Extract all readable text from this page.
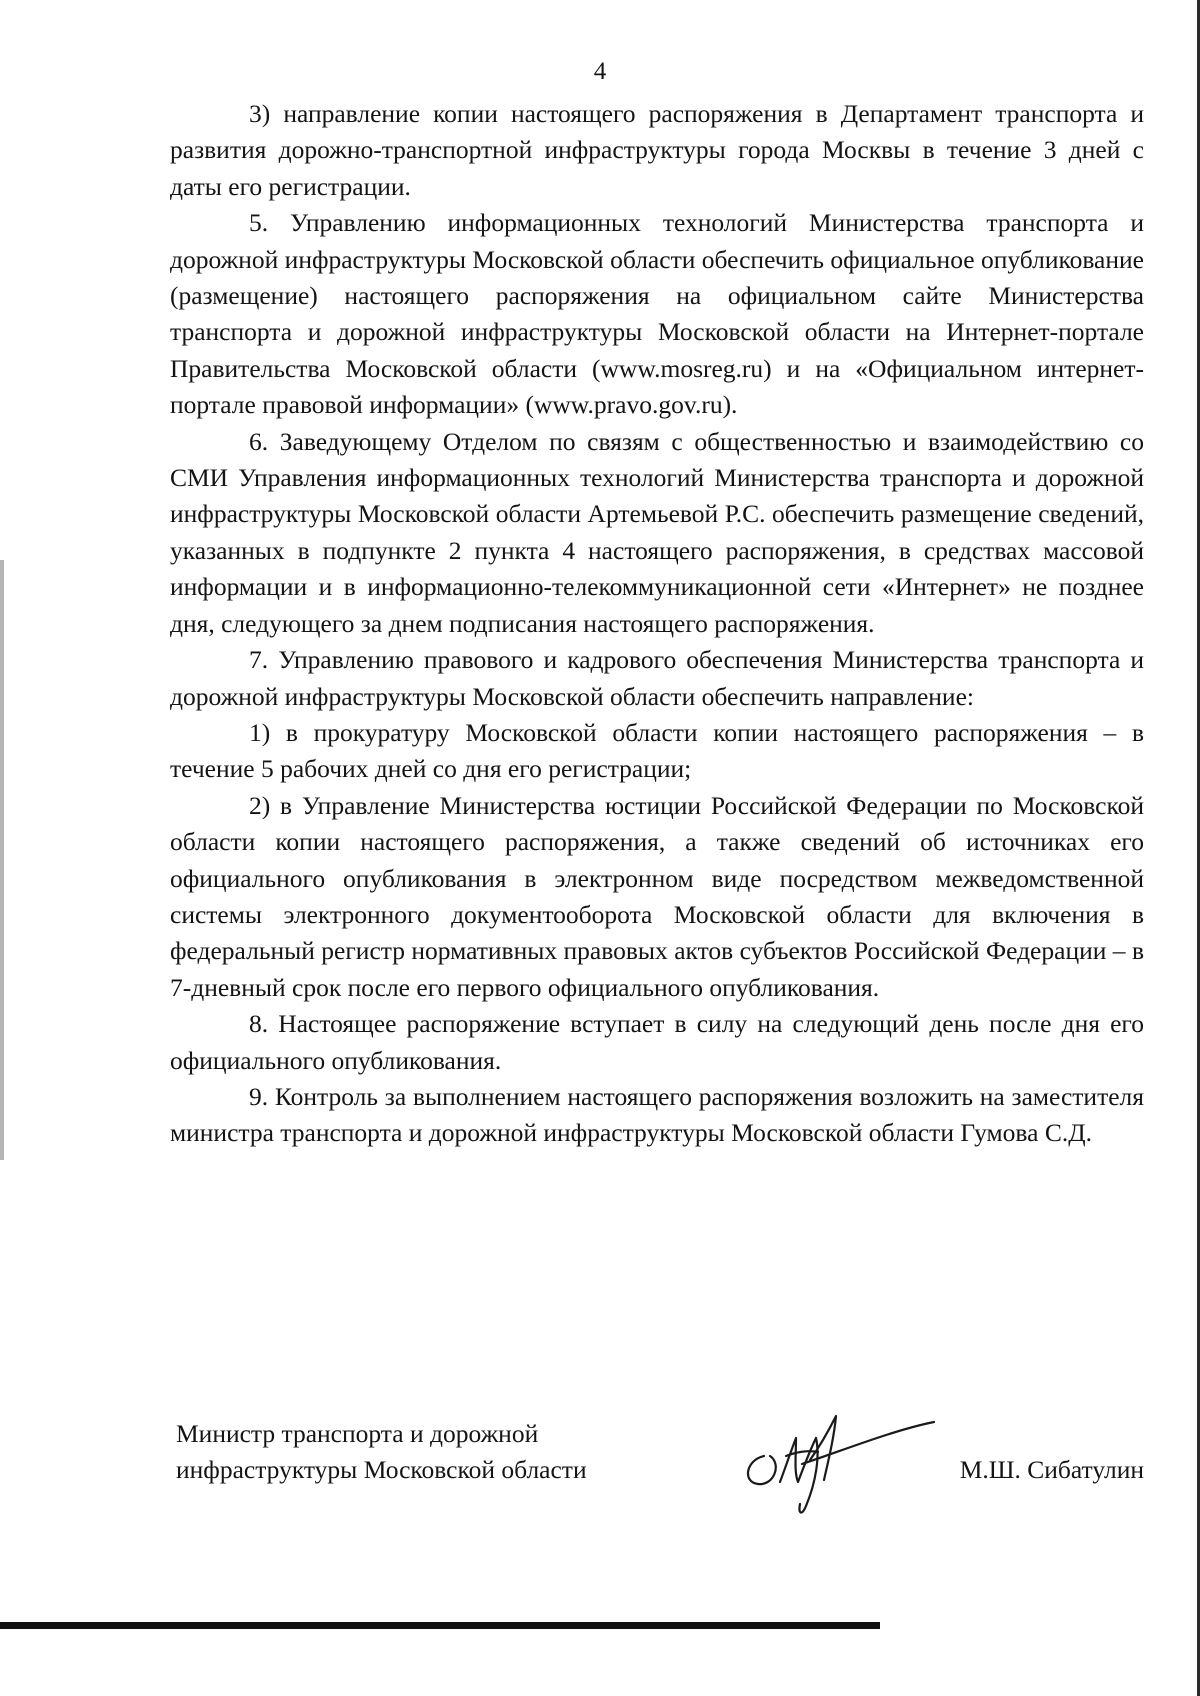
4

3) направление копии настоящего распоряжения в Департамент транспорта и развития дорожно-транспортной инфраструктуры города Москвы в течение 3 дней с даты его регистрации.

5. Управлению информационных технологий Министерства транспорта и дорожной инфраструктуры Московской области обеспечить официальное опубликование (размещение) настоящего распоряжения на официальном сайте Министерства транспорта и дорожной инфраструктуры Московской области на Интернет-портале Правительства Московской области (www.mosreg.ru) и на «Официальном интернет-портале правовой информации» (www.pravo.gov.ru).

6. Заведующему Отделом по связям с общественностью и взаимодействию со СМИ Управления информационных технологий Министерства транспорта и дорожной инфраструктуры Московской области Артемьевой Р.С. обеспечить размещение сведений, указанных в подпункте 2 пункта 4 настоящего распоряжения, в средствах массовой информации и в информационно-телекоммуникационной сети «Интернет» не позднее дня, следующего за днем подписания настоящего распоряжения.

7. Управлению правового и кадрового обеспечения Министерства транспорта и дорожной инфраструктуры Московской области обеспечить направление:

1) в прокуратуру Московской области копии настоящего распоряжения – в течение 5 рабочих дней со дня его регистрации;

2) в Управление Министерства юстиции Российской Федерации по Московской области копии настоящего распоряжения, а также сведений об источниках его официального опубликования в электронном виде посредством межведомственной системы электронного документооборота Московской области для включения в федеральный регистр нормативных правовых актов субъектов Российской Федерации – в 7-дневный срок после его первого официального опубликования.

8. Настоящее распоряжение вступает в силу на следующий день после дня его официального опубликования.

9. Контроль за выполнением настоящего распоряжения возложить на заместителя министра транспорта и дорожной инфраструктуры Московской области Гумова С.Д.

Министр транспорта и дорожной
инфраструктуры Московской области	М.Ш. Сибатулин
